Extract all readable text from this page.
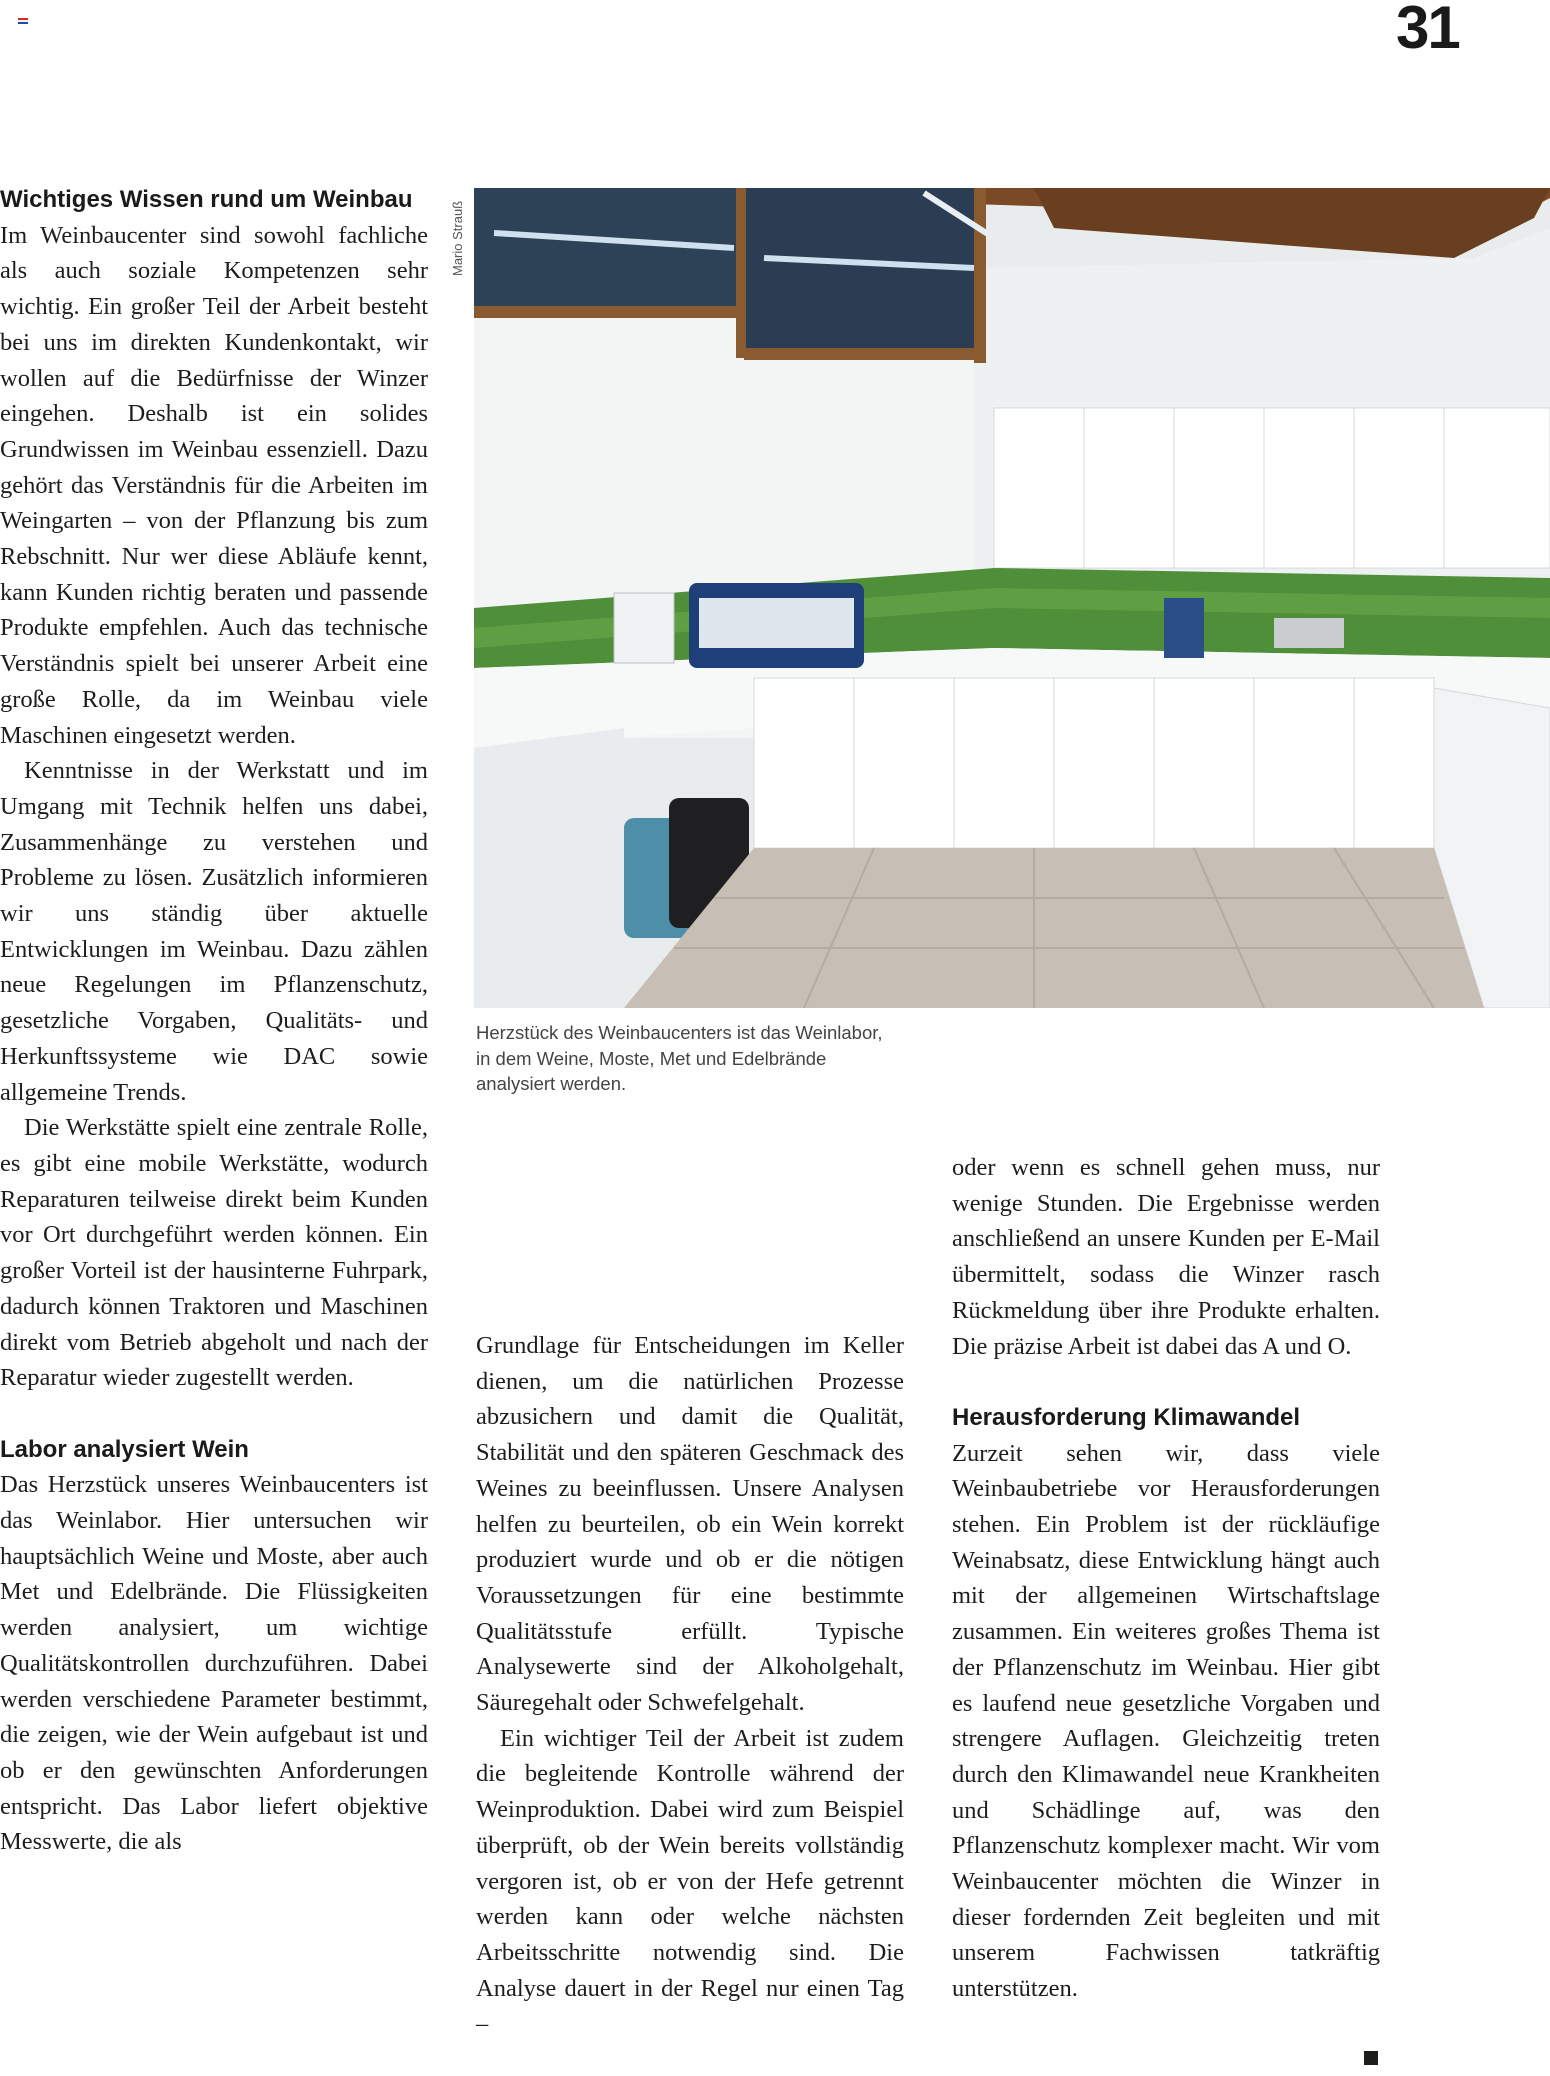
31
Wichtiges Wissen rund um Weinbau

Im Weinbaucenter sind sowohl fachliche als auch soziale Kompetenzen sehr wichtig. Ein großer Teil der Arbeit besteht bei uns im direkten Kundenkontakt, wir wollen auf die Bedürfnisse der Winzer eingehen. Deshalb ist ein solides Grundwissen im Weinbau essenziell. Dazu gehört das Verständnis für die Arbeiten im Weingarten – von der Pflanzung bis zum Rebschnitt. Nur wer diese Abläufe kennt, kann Kunden richtig beraten und passende Produkte empfehlen. Auch das technische Verständnis spielt bei unserer Arbeit eine große Rolle, da im Weinbau viele Maschinen eingesetzt werden.

Kenntnisse in der Werkstatt und im Umgang mit Technik helfen uns dabei, Zusammenhänge zu verstehen und Probleme zu lösen. Zusätzlich informieren wir uns ständig über aktuelle Entwicklungen im Weinbau. Dazu zählen neue Regelungen im Pflanzenschutz, gesetzliche Vorgaben, Qualitäts- und Herkunftssysteme wie DAC sowie allgemeine Trends.

Die Werkstätte spielt eine zentrale Rolle, es gibt eine mobile Werkstätte, wodurch Reparaturen teilweise direkt beim Kunden vor Ort durchgeführt werden können. Ein großer Vorteil ist der hausinterne Fuhrpark, dadurch können Traktoren und Maschinen direkt vom Betrieb abgeholt und nach der Reparatur wieder zugestellt werden.

Labor analysiert Wein

Das Herzstück unseres Weinbaucenters ist das Weinlabor. Hier untersuchen wir hauptsächlich Weine und Moste, aber auch Met und Edelbrände. Die Flüssigkeiten werden analysiert, um wichtige Qualitätskontrollen durchzuführen. Dabei werden verschiedene Parameter bestimmt, die zeigen, wie der Wein aufgebaut ist und ob er den gewünschten Anforderungen entspricht. Das Labor liefert objektive Messwerte, die als

Mario Strauß
Herzstück des Weinbaucenters ist das Weinlabor, in dem Weine, Moste, Met und Edelbrände analysiert werden.

Grundlage für Entscheidungen im Keller dienen, um die natürlichen Prozesse abzusichern und damit die Qualität, Stabilität und den späteren Geschmack des Weines zu beeinflussen. Unsere Analysen helfen zu beurteilen, ob ein Wein korrekt produziert wurde und ob er die nötigen Voraussetzungen für eine bestimmte Qualitätsstufe erfüllt. Typische Analysewerte sind der Alkoholgehalt, Säuregehalt oder Schwefelgehalt.

Ein wichtiger Teil der Arbeit ist zudem die begleitende Kontrolle während der Weinproduktion. Dabei wird zum Beispiel überprüft, ob der Wein bereits vollständig vergoren ist, ob er von der Hefe getrennt werden kann oder welche nächsten Arbeitsschritte notwendig sind. Die Analyse dauert in der Regel nur einen Tag –

oder wenn es schnell gehen muss, nur wenige Stunden. Die Ergebnisse werden anschließend an unsere Kunden per E-Mail übermittelt, sodass die Winzer rasch Rückmeldung über ihre Produkte erhalten. Die präzise Arbeit ist dabei das A und O.

Herausforderung Klimawandel

Zurzeit sehen wir, dass viele Weinbaubetriebe vor Herausforderungen stehen. Ein Problem ist der rückläufige Weinabsatz, diese Entwicklung hängt auch mit der allgemeinen Wirtschaftslage zusammen. Ein weiteres großes Thema ist der Pflanzenschutz im Weinbau. Hier gibt es laufend neue gesetzliche Vorgaben und strengere Auflagen. Gleichzeitig treten durch den Klimawandel neue Krankheiten und Schädlinge auf, was den Pflanzenschutz komplexer macht. Wir vom Weinbaucenter möchten die Winzer in dieser fordernden Zeit begleiten und mit unserem Fachwissen tatkräftig unterstützen.
